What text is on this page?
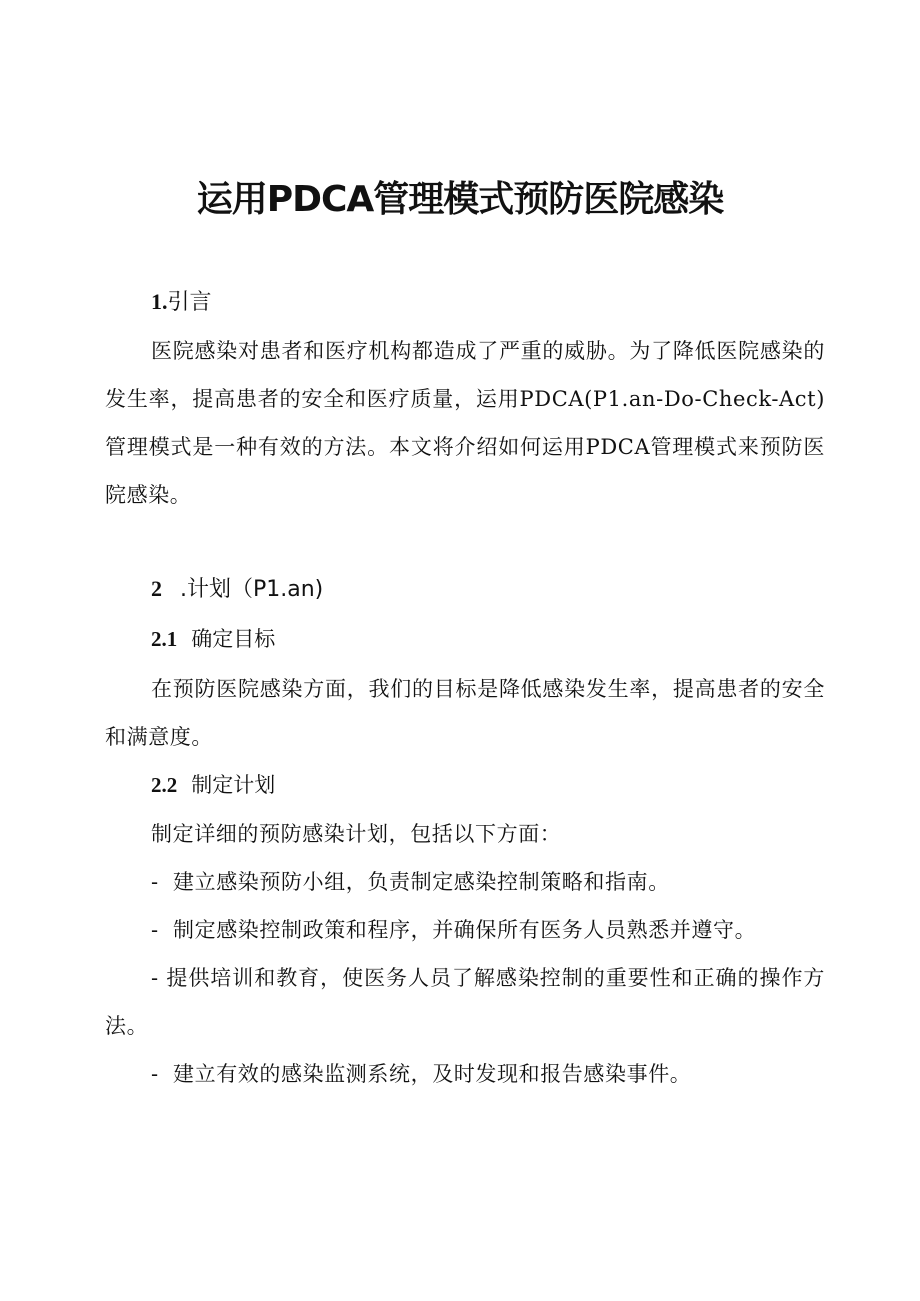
运用PDCA管理模式预防医院感染
1.引言
医院感染对患者和医疗机构都造成了严重的威胁。为了降低医院感染的发生率，提高患者的安全和医疗质量，运用PDCA(P1.an-Do-Check-Act)管理模式是一种有效的方法。本文将介绍如何运用PDCA管理模式来预防医院感染。
2 .计划（P1.an)
2.1 确定目标
在预防医院感染方面，我们的目标是降低感染发生率，提高患者的安全和满意度。
2.2 制定计划
制定详细的预防感染计划，包括以下方面：
- 建立感染预防小组，负责制定感染控制策略和指南。
- 制定感染控制政策和程序，并确保所有医务人员熟悉并遵守。
- 提供培训和教育，使医务人员了解感染控制的重要性和正确的操作方法。
- 建立有效的感染监测系统，及时发现和报告感染事件。
